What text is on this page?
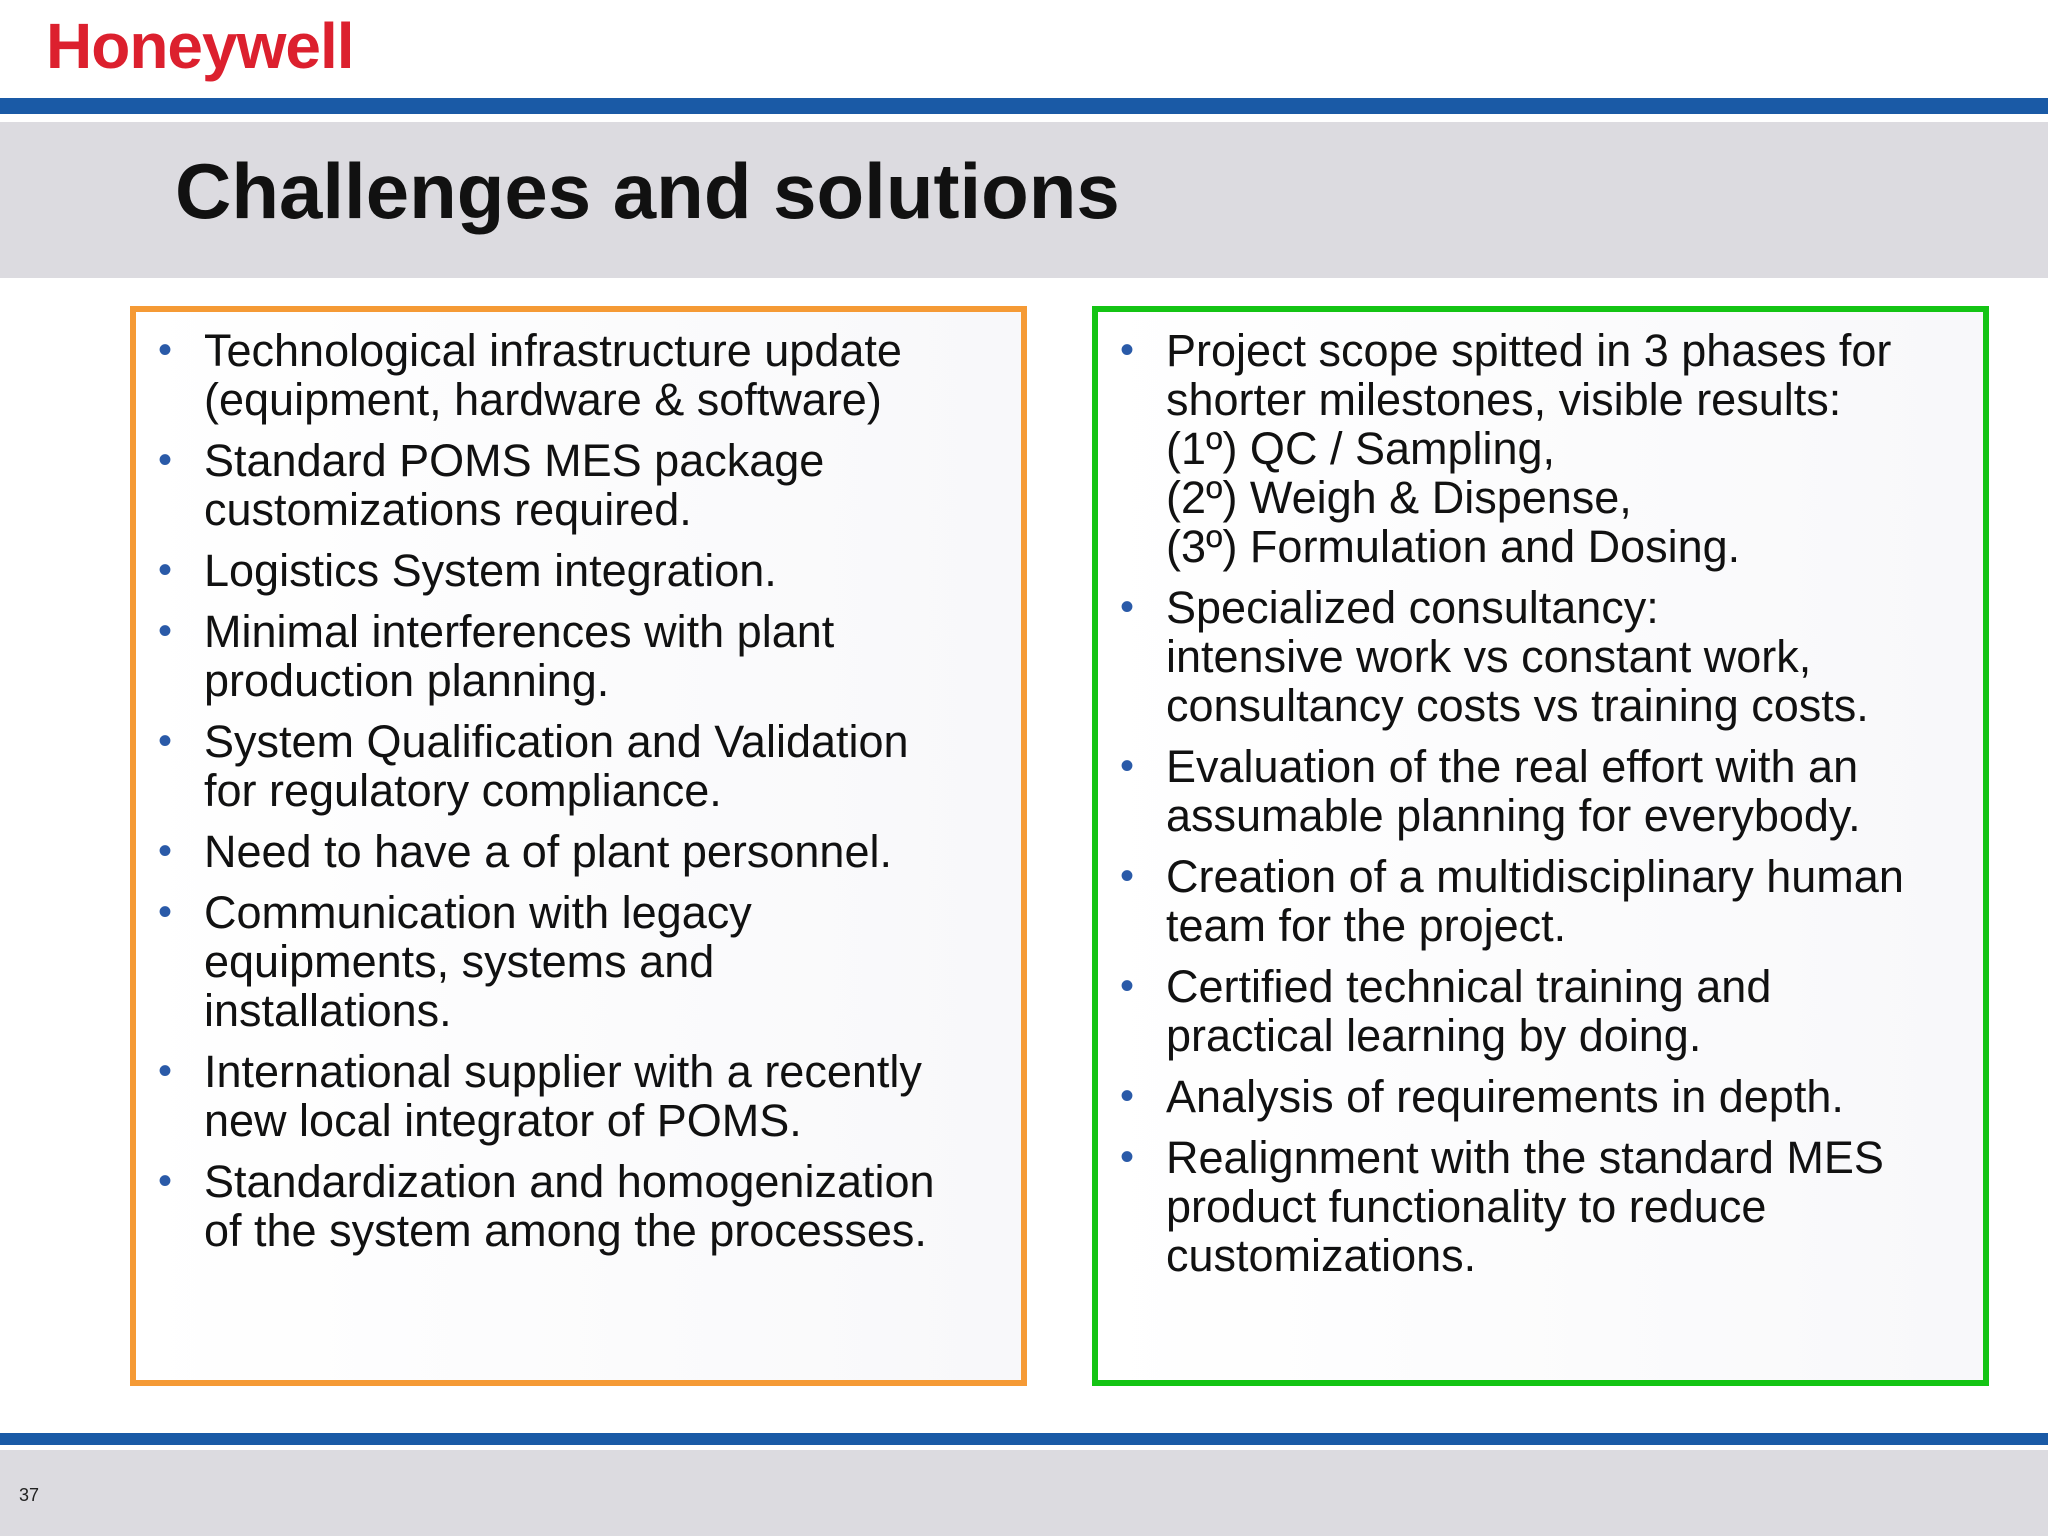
Honeywell
Challenges and solutions
• Technological infrastructure update
(equipment, hardware & software)
• Standard POMS MES package
customizations required.
• Logistics System integration.
• Minimal interferences with plant
production planning.
• System Qualification and Validation
for regulatory compliance.
• Need to have a of plant personnel.
• Communication with legacy
equipments, systems and
installations.
• International supplier with a recently
new local integrator of POMS.
• Standardization and homogenization
of the system among the processes.
• Project scope spitted in 3 phases for
shorter milestones, visible results:
(1º) QC / Sampling,
(2º) Weigh & Dispense,
(3º) Formulation and Dosing.
• Specialized consultancy:
intensive work vs constant work,
consultancy costs vs training costs.
• Evaluation of the real effort with an
assumable planning for everybody.
• Creation of a multidisciplinary human
team for the project.
• Certified technical training and
practical learning by doing.
• Analysis of requirements in depth.
• Realignment with the standard MES
product functionality to reduce
customizations.
37
